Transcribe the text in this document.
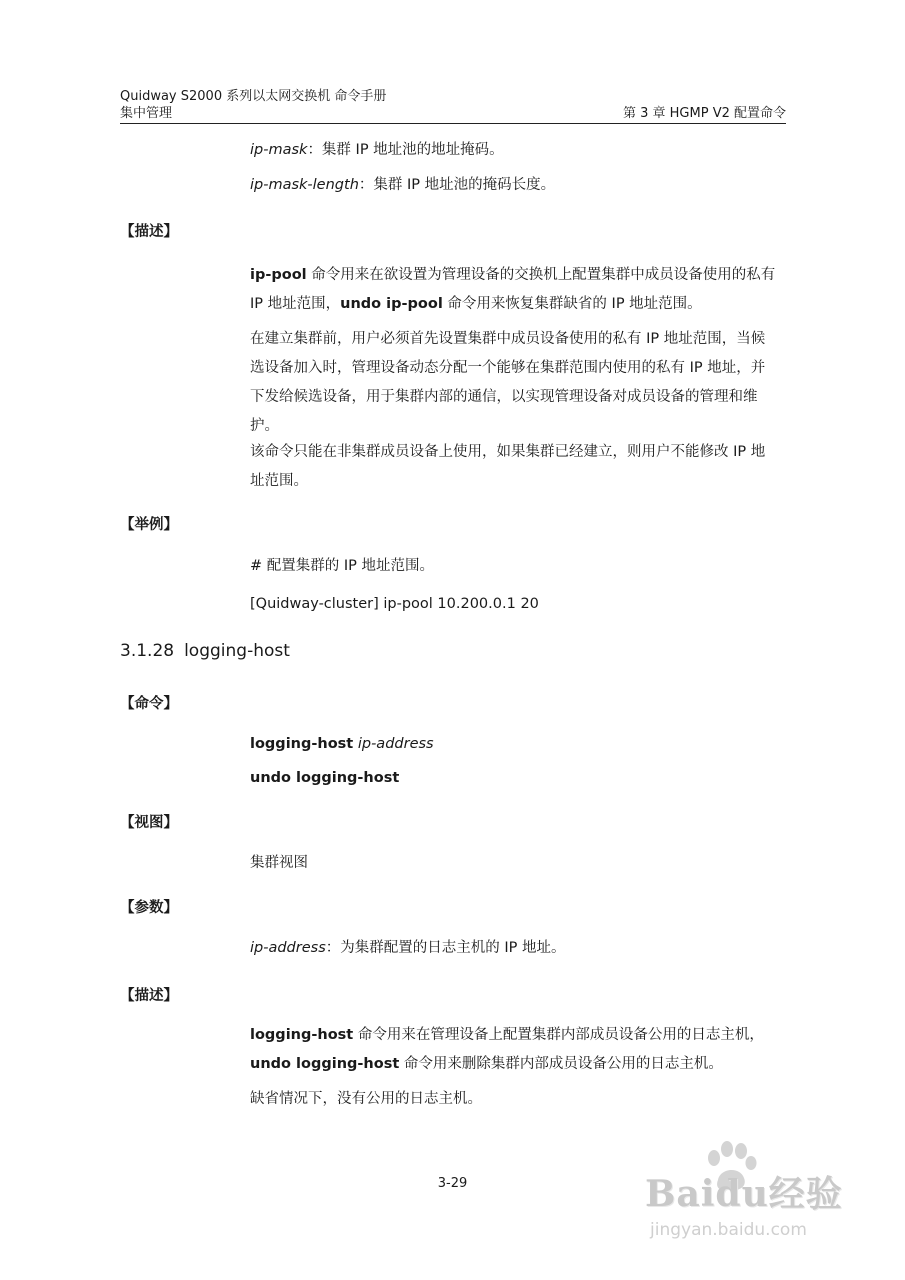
Quidway S2000 系列以太网交换机 命令手册
集中管理	第 3 章 HGMP V2 配置命令
ip-mask：集群 IP 地址池的地址掩码。
ip-mask-length：集群 IP 地址池的掩码长度。
【描述】
ip-pool 命令用来在欲设置为管理设备的交换机上配置集群中成员设备使用的私有 IP 地址范围，undo ip-pool 命令用来恢复集群缺省的 IP 地址范围。
在建立集群前，用户必须首先设置集群中成员设备使用的私有 IP 地址范围，当候选设备加入时，管理设备动态分配一个能够在集群范围内使用的私有 IP 地址，并下发给候选设备，用于集群内部的通信，以实现管理设备对成员设备的管理和维护。
该命令只能在非集群成员设备上使用，如果集群已经建立，则用户不能修改 IP 地址范围。
【举例】
# 配置集群的 IP 地址范围。
[Quidway-cluster] ip-pool 10.200.0.1 20
3.1.28 logging-host
【命令】
logging-host ip-address
undo logging-host
【视图】
集群视图
【参数】
ip-address：为集群配置的日志主机的 IP 地址。
【描述】
logging-host 命令用来在管理设备上配置集群内部成员设备公用的日志主机，undo logging-host 命令用来删除集群内部成员设备公用的日志主机。
缺省情况下，没有公用的日志主机。
3-29	Baidu经验
jingyan.baidu.com
